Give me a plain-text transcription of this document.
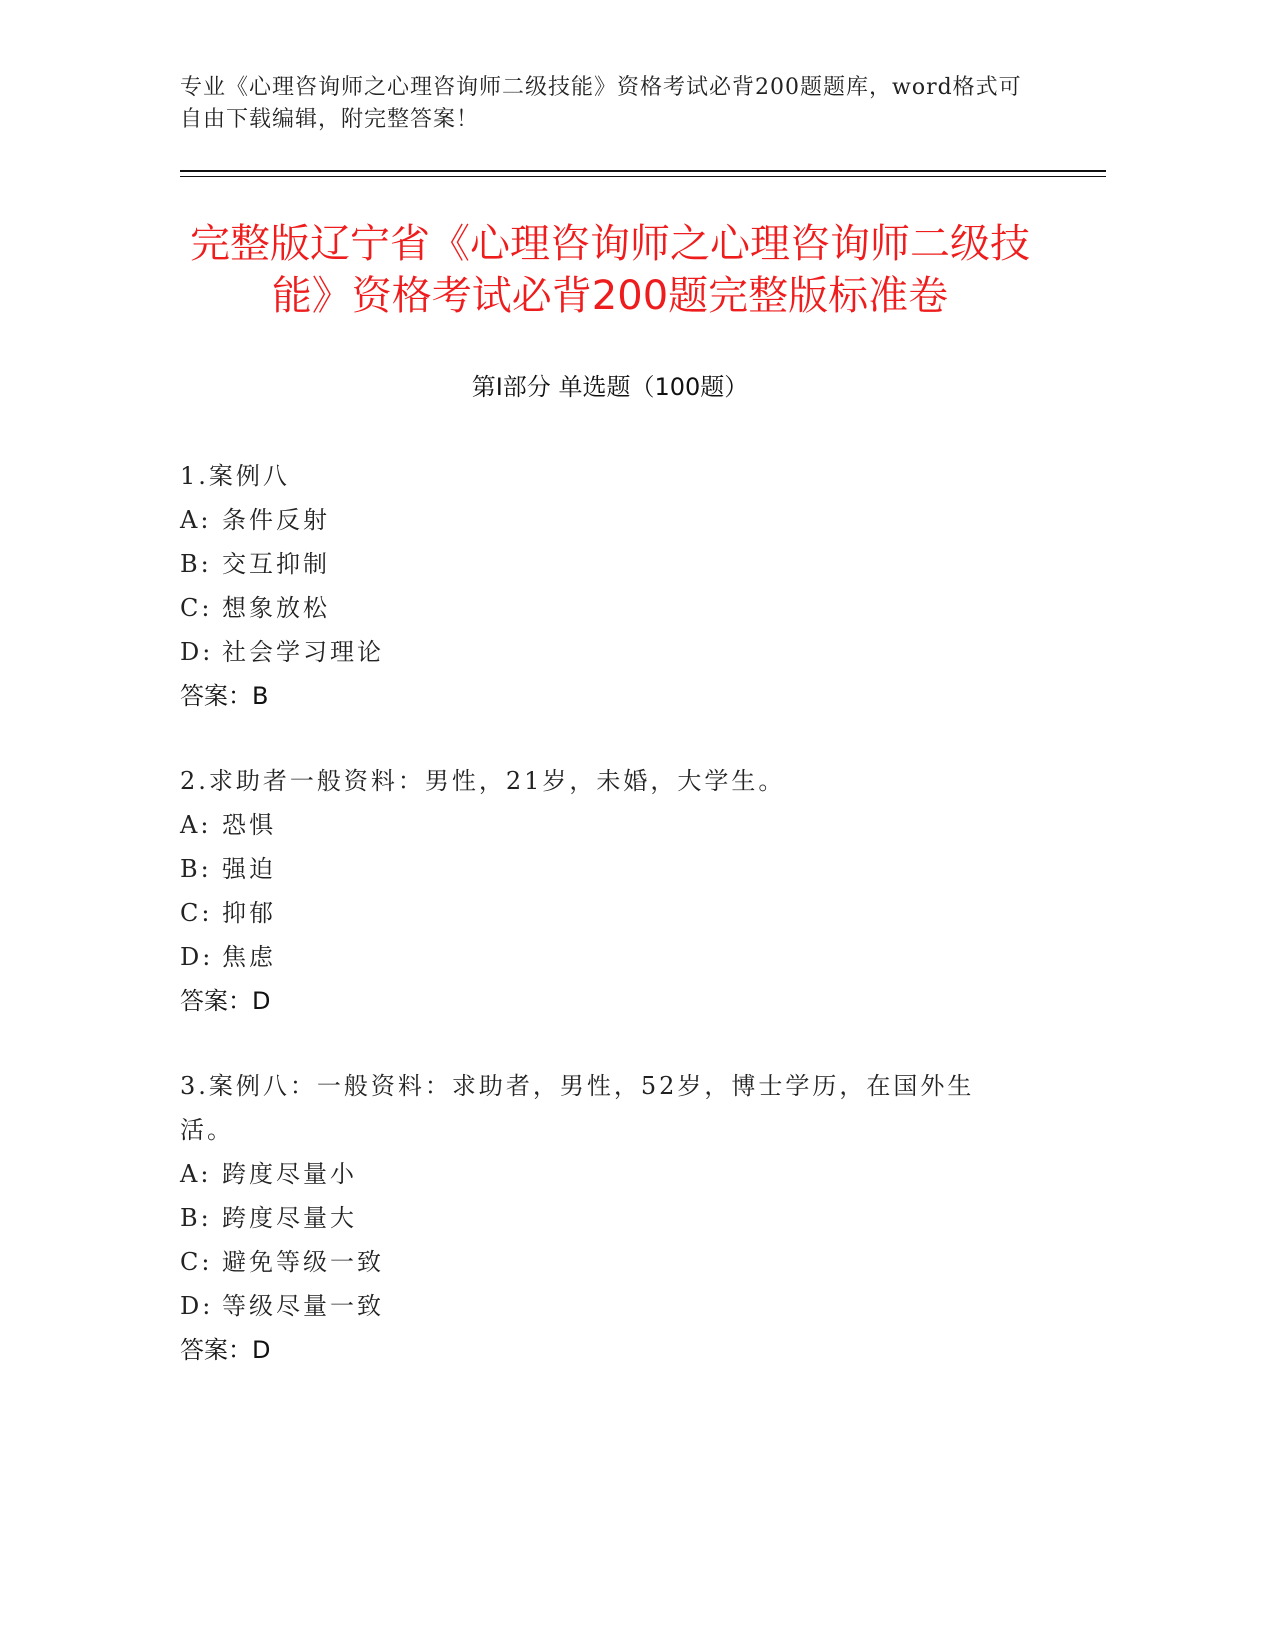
专业《心理咨询师之心理咨询师二级技能》资格考试必背200题题库，word格式可自由下载编辑，附完整答案！
完整版辽宁省《心理咨询师之心理咨询师二级技能》资格考试必背200题完整版标准卷
第Ⅰ部分 单选题（100题）
1.案例八
A: 条件反射
B: 交互抑制
C: 想象放松
D: 社会学习理论
答案：B
2.求助者一般资料：男性，21岁，未婚，大学生。
A: 恐惧
B: 强迫
C: 抑郁
D: 焦虑
答案：D
3.案例八：一般资料：求助者，男性，52岁，博士学历，在国外生活。
A: 跨度尽量小
B: 跨度尽量大
C: 避免等级一致
D: 等级尽量一致
答案：D
